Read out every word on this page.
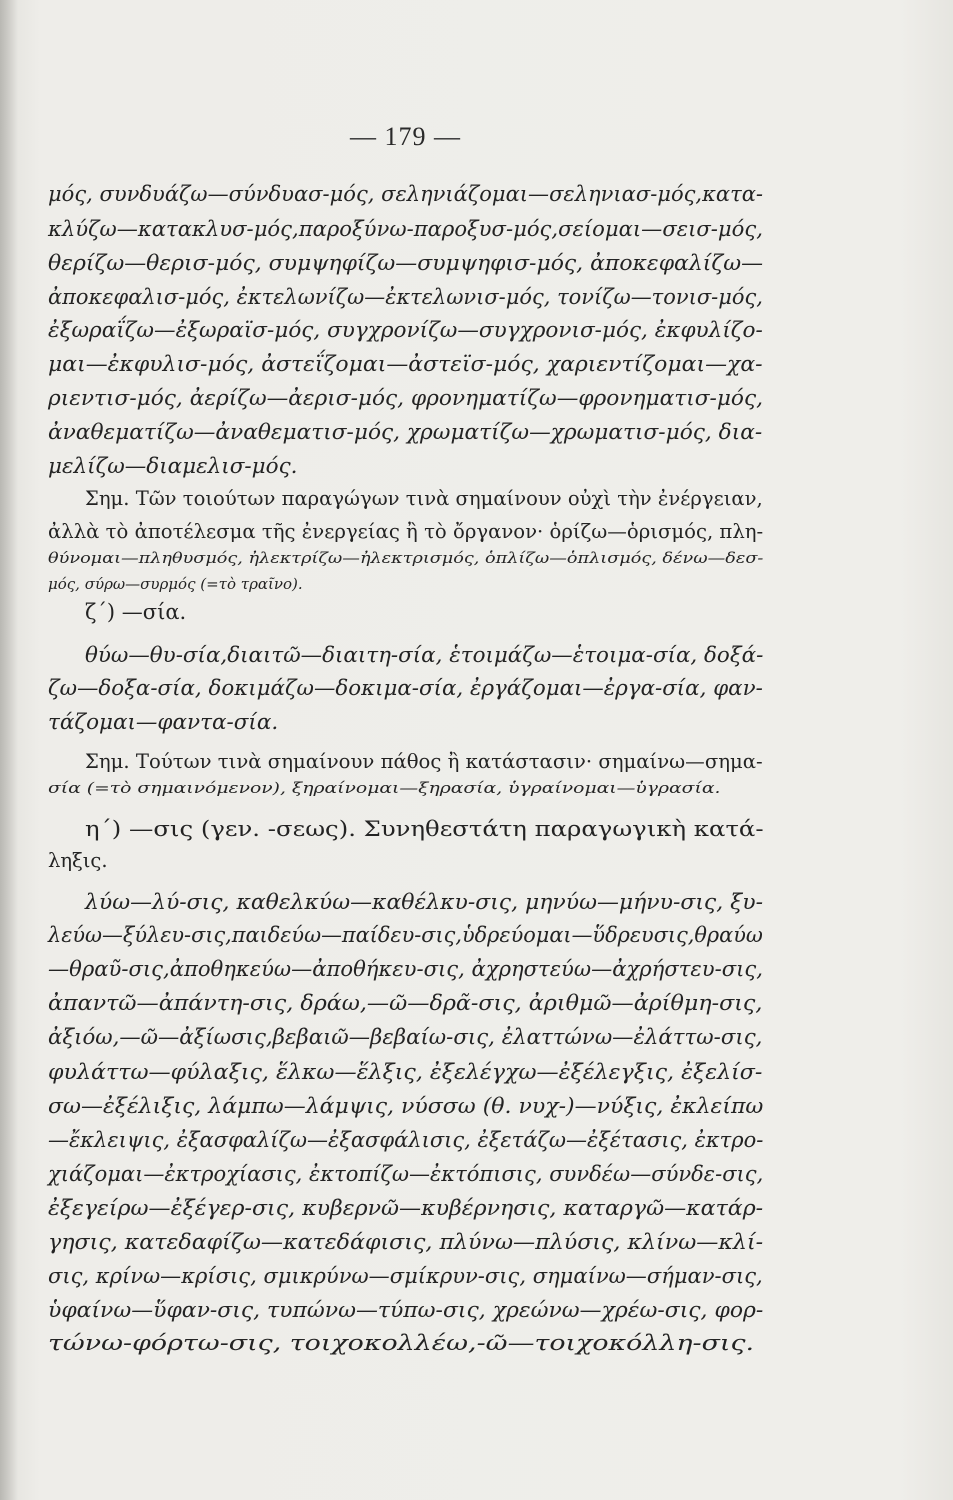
— 179 —
μός, συνδυάζω—σύνδυασ-μός, σεληνιάζομαι—σεληνιασ-μός,κατα-
κλύζω—κατακλυσ-μός,παροξύνω-παροξυσ-μός,σείομαι—σεισ-μός,
θερίζω—θερισ-μός, συμψηφίζω—συμψηφισ-μός, ἀποκεφαλίζω—
ἀποκεφαλισ-μός, ἐκτελωνίζω—ἐκτελωνισ-μός, τονίζω—τονισ-μός,
ἐξωραΐζω—ἐξωραϊσ-μός, συγχρονίζω—συγχρονισ-μός, ἐκφυλίζο-
μαι—ἐκφυλισ-μός, ἀστεΐζομαι—ἀστεϊσ-μός, χαριεντίζομαι—χα-
ριεντισ-μός, ἀερίζω—ἀερισ-μός, φρονηματίζω—φρονηματισ-μός,
ἀναθεματίζω—ἀναθεματισ-μός, χρωματίζω—χρωματισ-μός, δια-
μελίζω—διαμελισ-μός.
Σημ. Τῶν τοιούτων παραγώγων τινὰ σημαίνουν οὐχὶ τὴν ἐνέργειαν,
ἀλλὰ τὸ ἀποτέλεσμα τῆς ἐνεργείας ἢ τὸ ὄργανον· ὁρίζω—ὁρισμός, πλη-
θύνομαι—πληθυσμός, ἠλεκτρίζω—ἠλεκτρισμός, ὁπλίζω—ὁπλισμός, δένω—δεσ-
μός, σύρω—συρμός (=τὸ τραῖνο).
ζ΄) —σία.
θύω—θυ-σία,διαιτῶ—διαιτη-σία, ἑτοιμάζω—ἑτοιμα-σία, δοξά-
ζω—δοξα-σία, δοκιμάζω—δοκιμα-σία, ἐργάζομαι—ἐργα-σία, φαν-
τάζομαι—φαντα-σία.
Σημ. Τούτων τινὰ σημαίνουν πάθος ἢ κατάστασιν· σημαίνω—σημα-
σία (=τὸ σημαινόμενον), ξηραίνομαι—ξηρασία, ὑγραίνομαι—ὑγρασία.
η΄) —σις (γεν. -σεως). Συνηθεστάτη παραγωγικὴ κατά-
ληξις.
λύω—λύ-σις, καθελκύω—καθέλκυ-σις, μηνύω—μήνυ-σις, ξυ-
λεύω—ξύλευ-σις,παιδεύω—παίδευ-σις,ὑδρεύομαι—ὕδρευσις,θραύω
—θραῦ-σις,ἀποθηκεύω—ἀποθήκευ-σις, ἀχρηστεύω—ἀχρήστευ-σις,
ἀπαντῶ—ἀπάντη-σις, δράω,—ῶ—δρᾶ-σις, ἀριθμῶ—ἀρίθμη-σις,
ἀξιόω,—ῶ—ἀξίωσις,βεβαιῶ—βεβαίω-σις, ἐλαττώνω—ἐλάττω-σις,
φυλάττω—φύλαξις, ἕλκω—ἕλξις, ἐξελέγχω—ἐξέλεγξις, ἐξελίσ-
σω—ἐξέλιξις, λάμπω—λάμψις, νύσσω (θ. νυχ-)—νύξις, ἐκλείπω
—ἔκλειψις, ἐξασφαλίζω—ἐξασφάλισις, ἐξετάζω—ἐξέτασις, ἐκτρο-
χιάζομαι—ἐκτροχίασις, ἐκτοπίζω—ἐκτόπισις, συνδέω—σύνδε-σις,
ἐξεγείρω—ἐξέγερ-σις, κυβερνῶ—κυβέρνησις, καταργῶ—κατάρ-
γησις, κατεδαφίζω—κατεδάφισις, πλύνω—πλύσις, κλίνω—κλί-
σις, κρίνω—κρίσις, σμικρύνω—σμίκρυν-σις, σημαίνω—σήμαν-σις,
ὑφαίνω—ὕφαν-σις, τυπώνω—τύπω-σις, χρεώνω—χρέω-σις, φορ-
τώνω-φόρτω-σις, τοιχοκολλέω,-ῶ—τοιχοκόλλη-σις.
